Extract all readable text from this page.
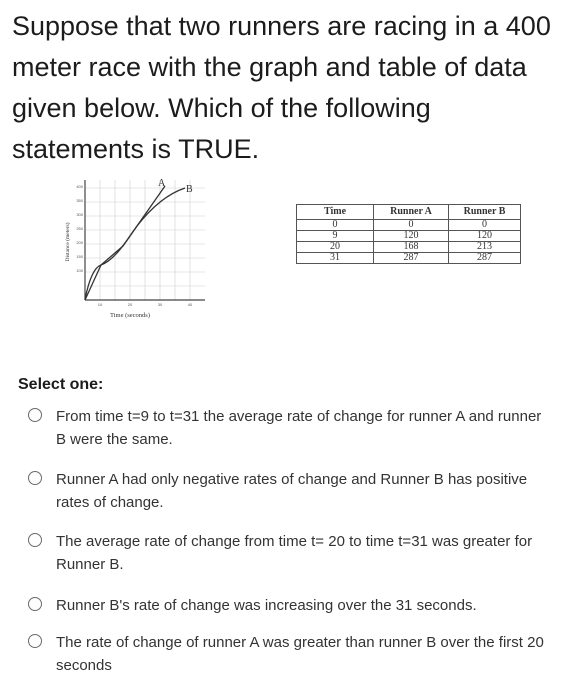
Suppose that two runners are racing in a 400 meter race with the graph and table of data given below. Which of the following statements is TRUE.
A
B
100
150
200
250
300
350
400
10	20	30	40
Time (seconds)
Distance (meters)
Time	Runner A	Runner B
0	0	0
9	120	120
20	168	213
31	287	287
Select one:
From time t=9 to t=31 the average rate of change for runner A and runner B were the same.
Runner A had only negative rates of change and Runner B has positive rates of change.
The average rate of change from time t= 20 to time t=31 was greater for Runner B.
Runner B's rate of change was increasing over the 31 seconds.
The rate of change of runner A was greater than runner B over the first 20 seconds
